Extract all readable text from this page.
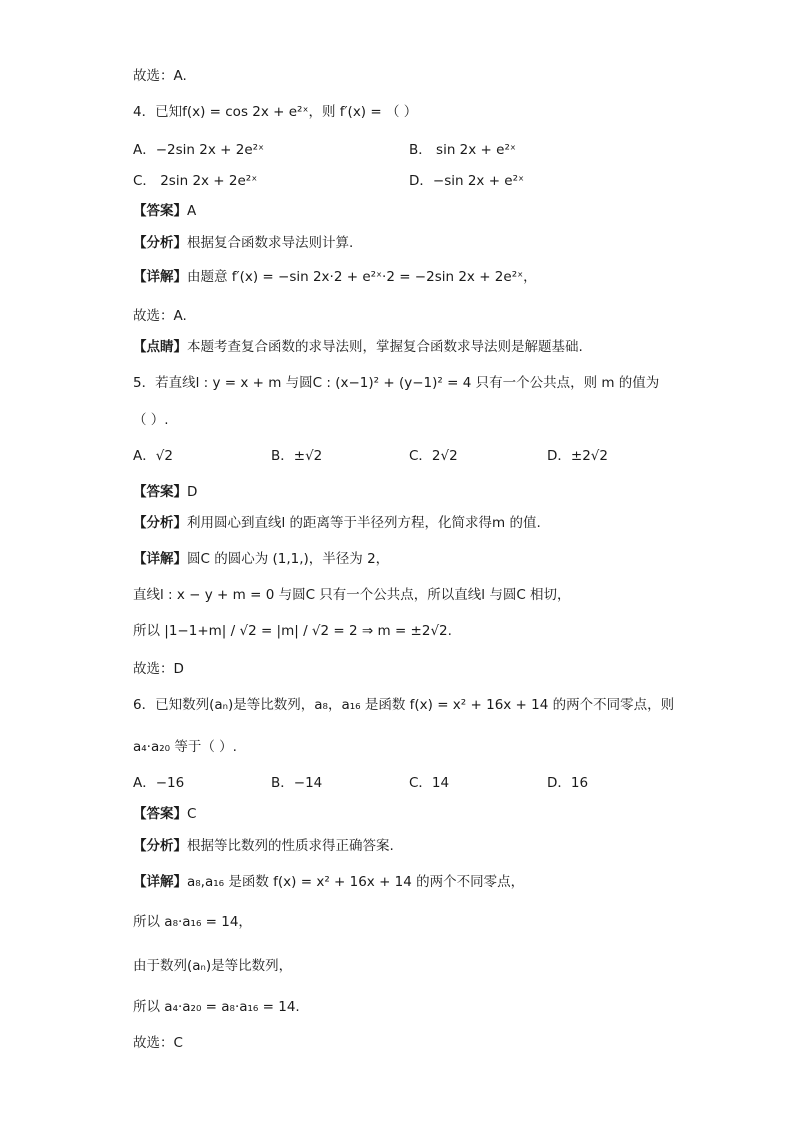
故选：A.
4．已知f(x) = cos 2x + e²ˣ，则 f′(x) = （ ）
A．−2sin 2x + 2e²ˣ	B． sin 2x + e²ˣ
C． 2sin 2x + 2e²ˣ	D．−sin 2x + e²ˣ
【答案】A
【分析】根据复合函数求导法则计算.
【详解】由题意 f′(x) = −sin 2x·2 + e²ˣ·2 = −2sin 2x + 2e²ˣ，
故选：A.
【点睛】本题考查复合函数的求导法则，掌握复合函数求导法则是解题基础.
5．若直线l : y = x + m 与圆C : (x−1)² + (y−1)² = 4 只有一个公共点，则 m 的值为
（ ）.
A．√2	B．±√2	C．2√2	D．±2√2
【答案】D
【分析】利用圆心到直线l 的距离等于半径列方程，化简求得m 的值.
【详解】圆C 的圆心为 (1,1,)，半径为 2，
直线l : x − y + m = 0 与圆C 只有一个公共点，所以直线l 与圆C 相切，
所以 |1−1+m| / √2 = |m| / √2 = 2 ⇒ m = ±2√2.
故选：D
6．已知数列(aₙ)是等比数列，a₈，a₁₆ 是函数 f(x) = x² + 16x + 14 的两个不同零点，则
a₄·a₂₀ 等于（ ）.
A．−16	B．−14	C．14	D．16
【答案】C
【分析】根据等比数列的性质求得正确答案.
【详解】a₈,a₁₆ 是函数 f(x) = x² + 16x + 14 的两个不同零点，
所以 a₈·a₁₆ = 14，
由于数列(aₙ)是等比数列，
所以 a₄·a₂₀ = a₈·a₁₆ = 14.
故选：C
